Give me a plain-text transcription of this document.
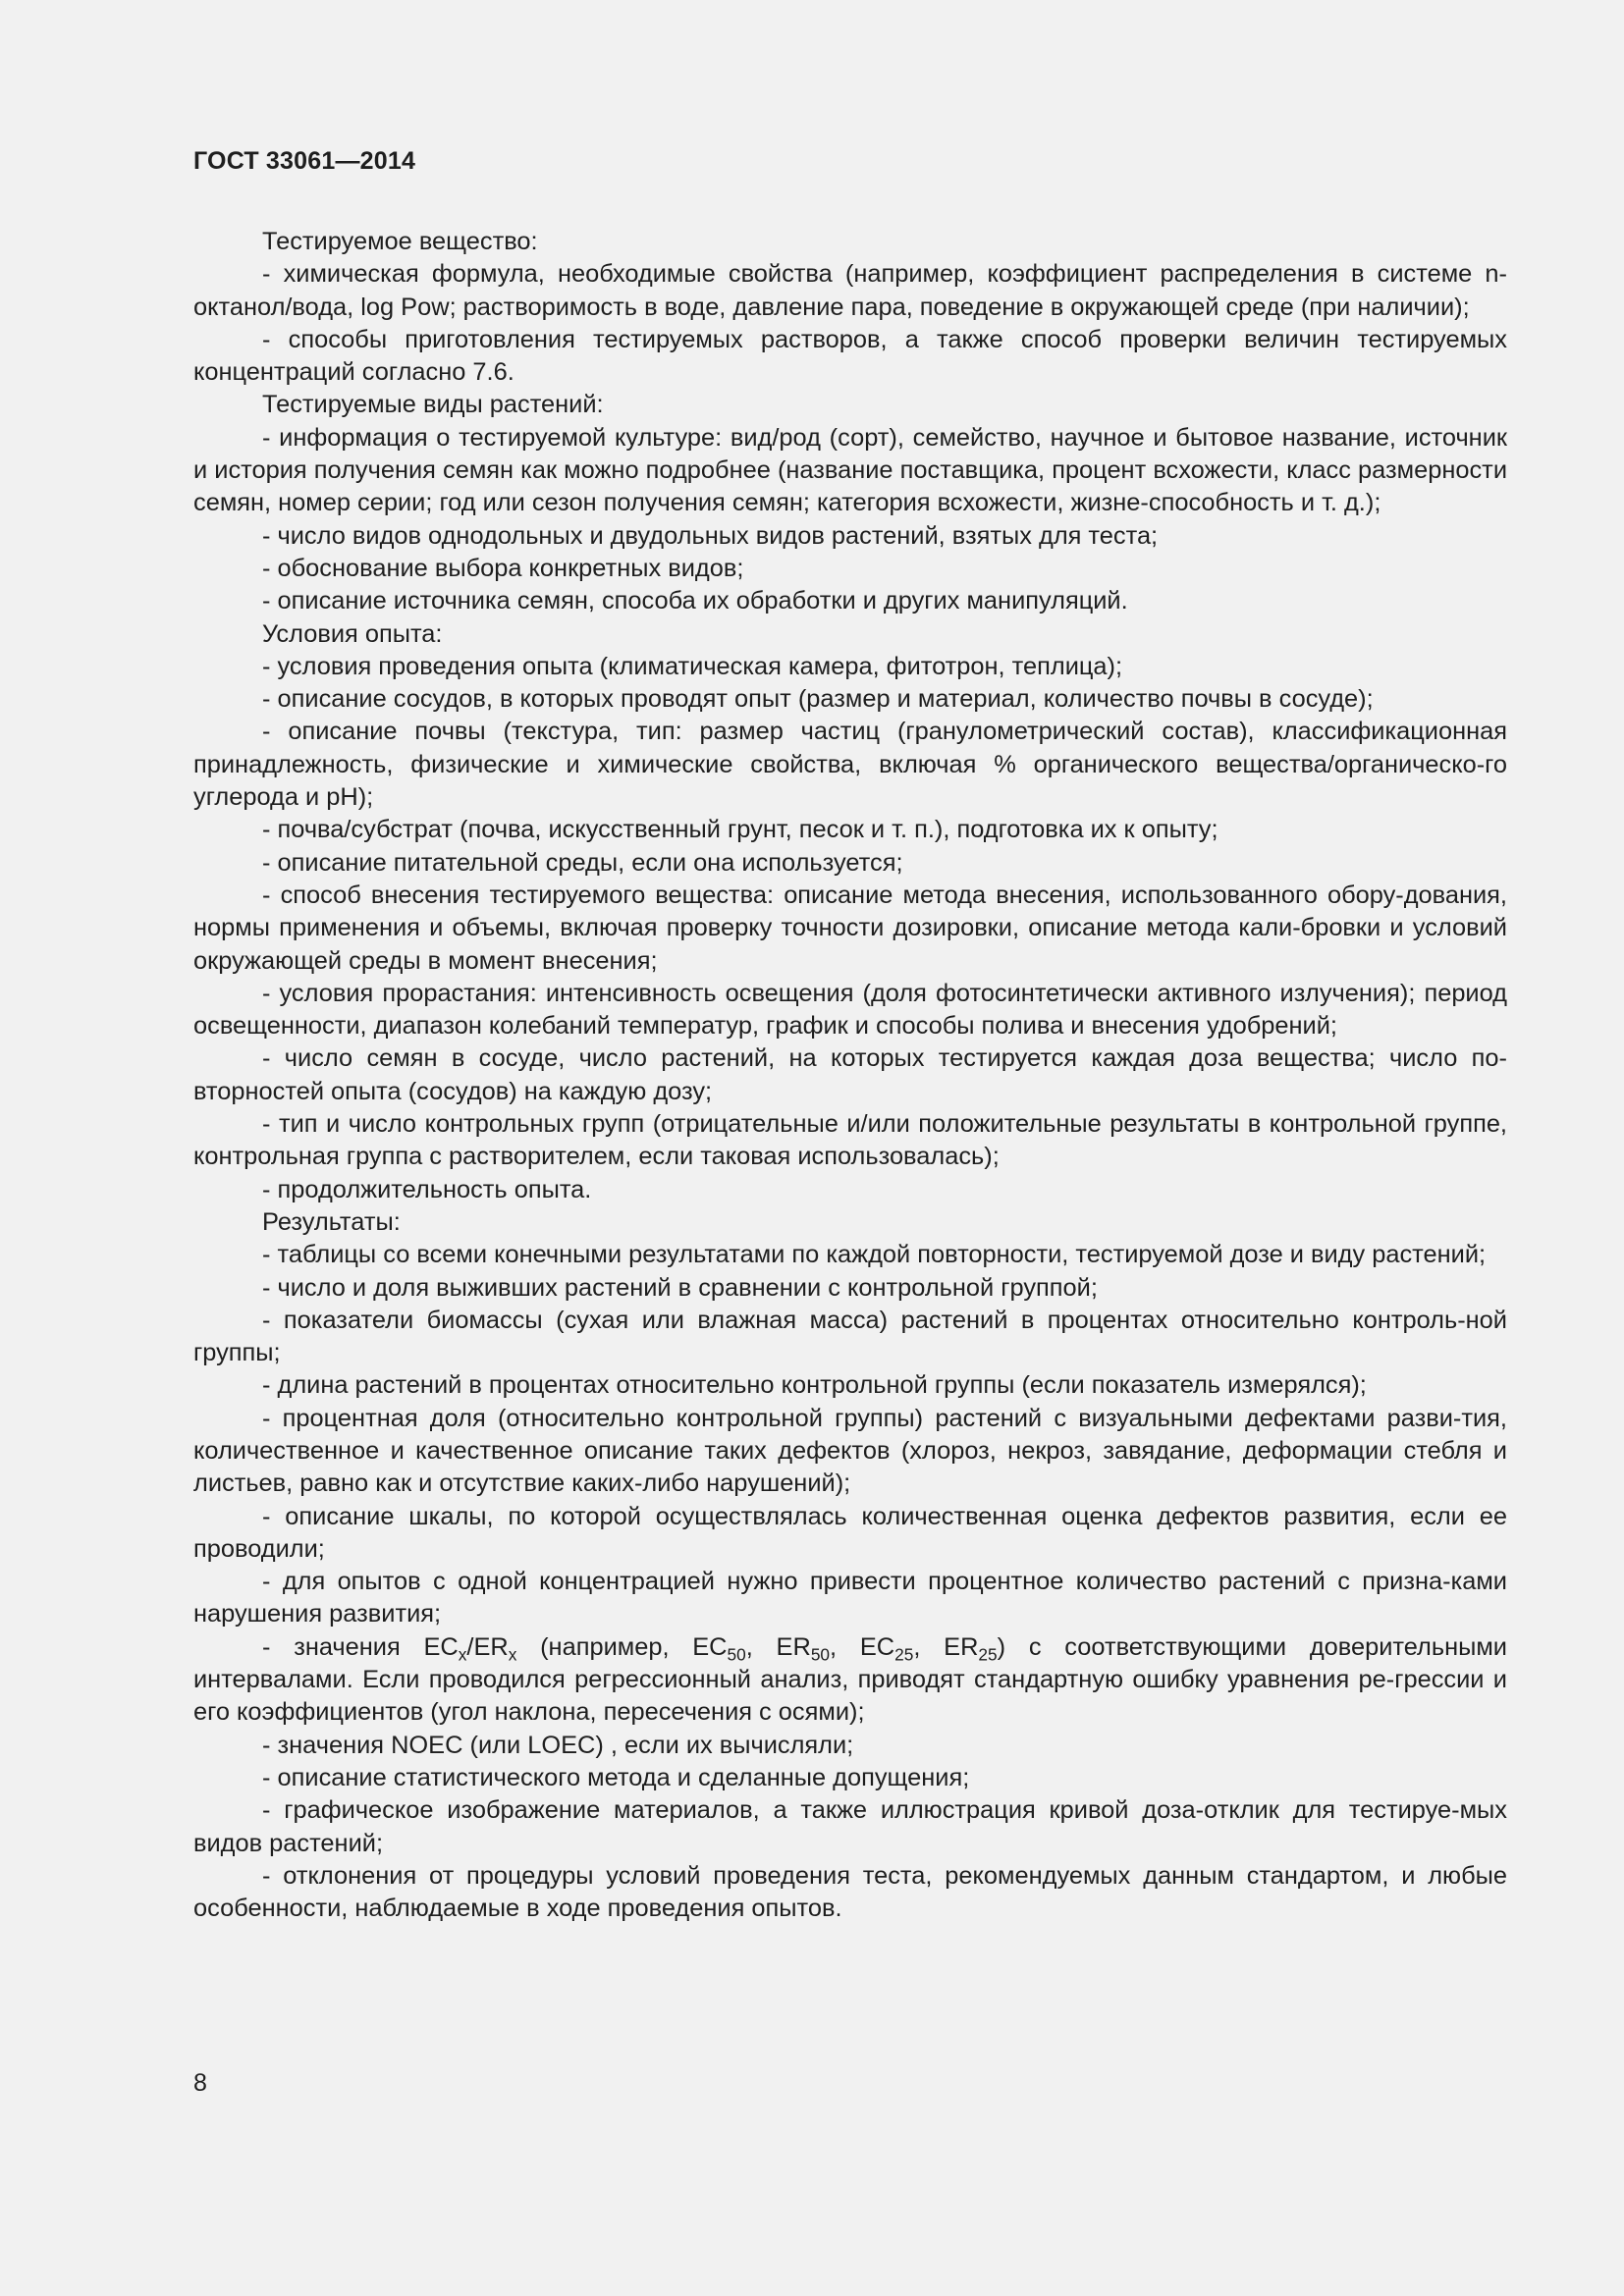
ГОСТ 33061—2014

Тестируемое вещество:

- химическая формула, необходимые свойства (например, коэффициент распределения в системе n-октанол/вода, log Pow; растворимость в воде, давление пара, поведение в окружающей среде (при наличии);

- способы приготовления тестируемых растворов, а также способ проверки величин тестируемых концентраций согласно 7.6.

Тестируемые виды растений:

- информация о тестируемой культуре: вид/род (сорт), семейство, научное и бытовое название, источник и история получения семян как можно подробнее (название поставщика, процент всхожести, класс размерности семян, номер серии; год или сезон получения семян; категория всхожести, жизне-способность и т. д.);

- число видов однодольных и двудольных видов растений, взятых для теста;

- обоснование выбора конкретных видов;

- описание источника семян, способа их обработки и других манипуляций.

Условия опыта:

- условия проведения опыта (климатическая камера, фитотрон, теплица);

- описание сосудов, в которых проводят опыт (размер и материал, количество почвы в сосуде);

- описание почвы (текстура, тип: размер частиц (гранулометрический состав), классификационная принадлежность, физические и химические свойства, включая % органического вещества/органическо-го углерода и pH);

- почва/субстрат (почва, искусственный грунт, песок и т. п.), подготовка их к опыту;

- описание питательной среды, если она используется;

- способ внесения тестируемого вещества: описание метода внесения, использованного обору-дования, нормы применения и объемы, включая проверку точности дозировки, описание метода кали-бровки и условий окружающей среды в момент внесения;

- условия прорастания: интенсивность освещения (доля фотосинтетически активного излучения); период освещенности, диапазон колебаний температур, график и способы полива и внесения удобрений;

- число семян в сосуде, число растений, на которых тестируется каждая доза вещества; число по-вторностей опыта (сосудов) на каждую дозу;

- тип и число контрольных групп (отрицательные и/или положительные результаты в контрольной группе, контрольная группа с растворителем, если таковая использовалась);

- продолжительность опыта.

Результаты:

- таблицы со всеми конечными результатами по каждой повторности, тестируемой дозе и виду растений;

- число и доля выживших растений в сравнении с контрольной группой;

- показатели биомассы (сухая или влажная масса) растений в процентах относительно контроль-ной группы;

- длина растений в процентах относительно контрольной группы (если показатель измерялся);

- процентная доля (относительно контрольной группы) растений с визуальными дефектами разви-тия, количественное и качественное описание таких дефектов (хлороз, некроз, завядание, деформации стебля и листьев, равно как и отсутствие каких-либо нарушений);

- описание шкалы, по которой осуществлялась количественная оценка дефектов развития, если ее проводили;

- для опытов с одной концентрацией нужно привести процентное количество растений с призна-ками нарушения развития;

- значения $EC_x/ER_x$ (например, $EC_{50}$, $ER_{50}$, $EC_{25}$, $ER_{25}$) с соответствующими доверительными интервалами. Если проводился регрессионный анализ, приводят стандартную ошибку уравнения ре-грессии и его коэффициентов (угол наклона, пересечения с осями);

- значения NOEC (или LOEC) , если их вычисляли;

- описание статистического метода и сделанные допущения;

- графическое изображение материалов, а также иллюстрация кривой доза-отклик для тестируе-мых видов растений;

- отклонения от процедуры условий проведения теста, рекомендуемых данным стандартом, и любые особенности, наблюдаемые в ходе проведения опытов.

8
